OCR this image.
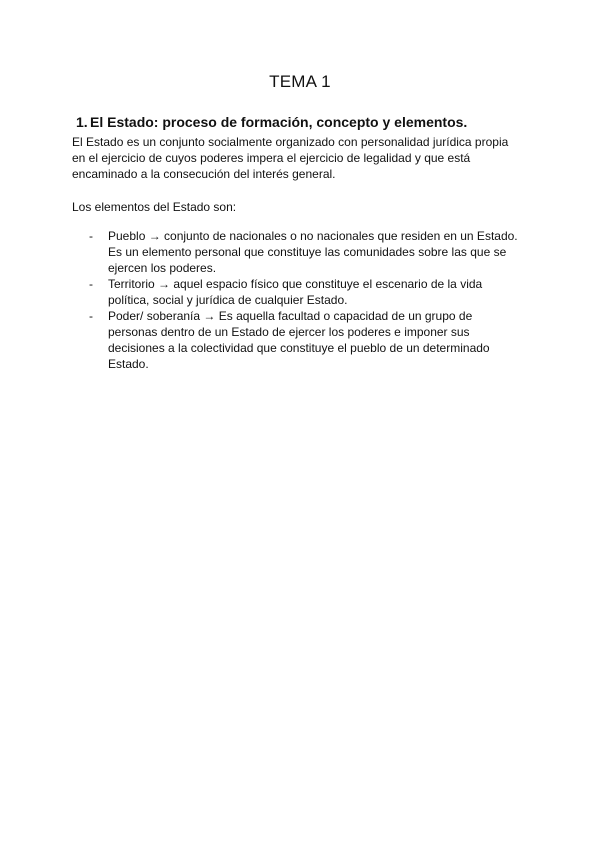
TEMA 1
1. El Estado: proceso de formación, concepto y elementos.
El Estado es un conjunto socialmente organizado con personalidad jurídica propia
en el ejercicio de cuyos poderes impera el ejercicio de legalidad y que está
encaminado a la consecución del interés general.
Los elementos del Estado son:
- Pueblo → conjunto de nacionales o no nacionales que residen en un Estado.
Es un elemento personal que constituye las comunidades sobre las que se
ejercen los poderes.
- Territorio → aquel espacio físico que constituye el escenario de la vida
política, social y jurídica de cualquier Estado.
- Poder/ soberanía → Es aquella facultad o capacidad de un grupo de
personas dentro de un Estado de ejercer los poderes e imponer sus
decisiones a la colectividad que constituye el pueblo de un determinado
Estado.
